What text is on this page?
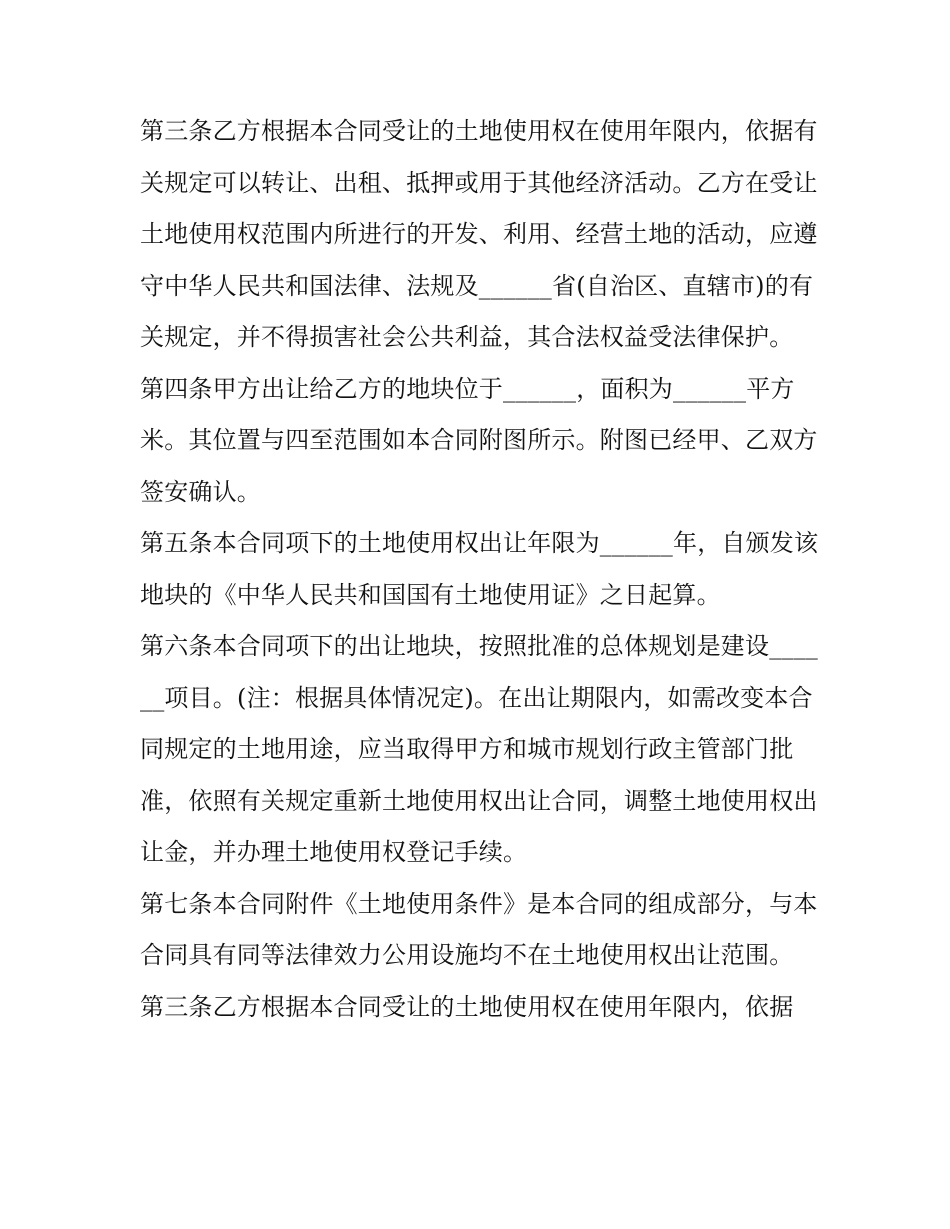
第三条乙方根据本合同受让的土地使用权在使用年限内，依据有关规定可以转让、出租、抵押或用于其他经济活动。乙方在受让土地使用权范围内所进行的开发、利用、经营土地的活动，应遵守中华人民共和国法律、法规及______省(自治区、直辖市)的有关规定，并不得损害社会公共利益，其合法权益受法律保护。

第四条甲方出让给乙方的地块位于______，面积为______平方米。其位置与四至范围如本合同附图所示。附图已经甲、乙双方签安确认。

第五条本合同项下的土地使用权出让年限为______年，自颁发该地块的《中华人民共和国国有土地使用证》之日起算。

第六条本合同项下的出让地块，按照批准的总体规划是建设______项目。(注：根据具体情况定)。在出让期限内，如需改变本合同规定的土地用途，应当取得甲方和城市规划行政主管部门批准，依照有关规定重新土地使用权出让合同，调整土地使用权出让金，并办理土地使用权登记手续。

第七条本合同附件《土地使用条件》是本合同的组成部分，与本合同具有同等法律效力公用设施均不在土地使用权出让范围。

第三条乙方根据本合同受让的土地使用权在使用年限内，依据
